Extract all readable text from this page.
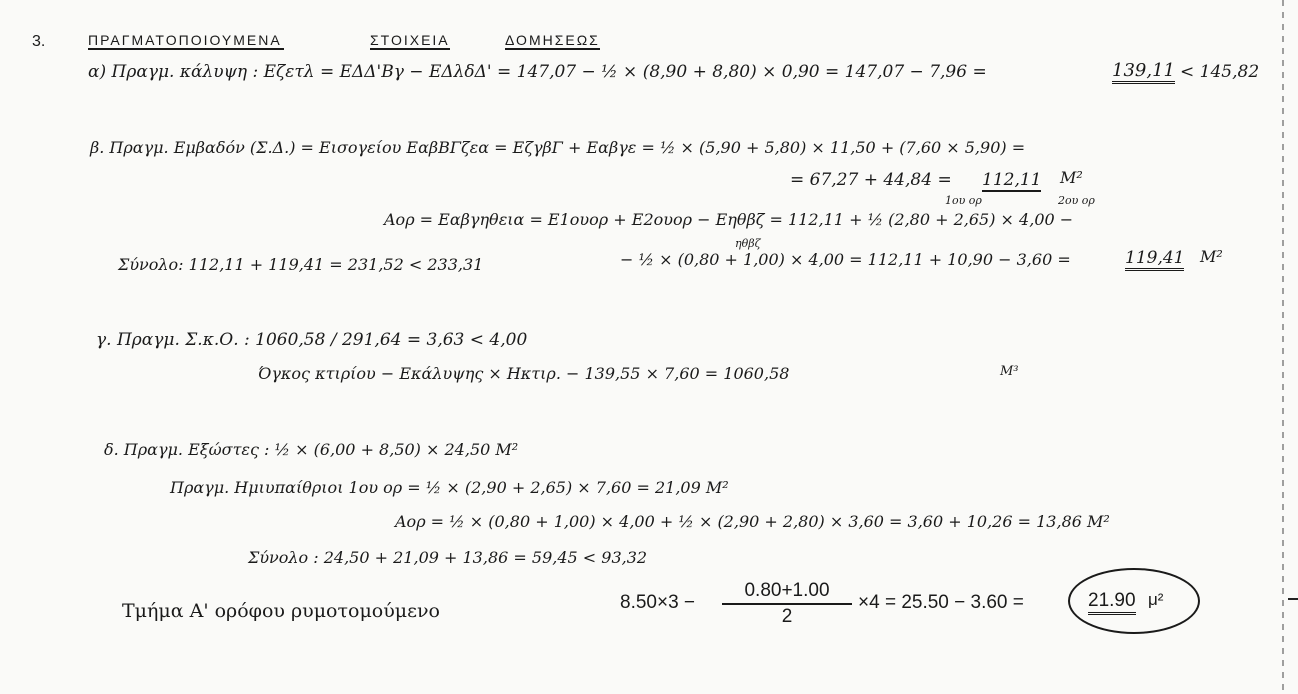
3.	ΠΡΑΓΜΑΤΟΠΟΙΟΥΜΕΝΑ	ΣΤΟΙΧΕΙΑ	ΔΟΜΗΣΕΩΣ
α) Πραγμ. κάλυψη : Εζετλ = ΕΔΔ'Βγ − ΕΔλδΔ' = 147,07 − ½ × (8,90 + 8,80) × 0,90 = 147,07 − 7,96 =	139,11 < 145,82
β. Πραγμ. Εμβαδόν (Σ.Δ.) = Εισογείου ΕαβΒΓζεα = ΕζγβΓ + Εαβγε = ½ × (5,90 + 5,80) × 11,50 + (7,60 × 5,90) =
= 67,27 + 44,84 = 112,11 Μ²
1ου ορ	2ου ορ
Αορ = Εαβγηθεια = Ε1ουορ + Ε2ουορ − Εηθβζ = 112,11 + ½ (2,80 + 2,65) × 4,00 −
ηθβζ
Σύνολο: 112,11 + 119,41 = 231,52 < 233,31	− ½ × (0,80 + 1,00) × 4,00 = 112,11 + 10,90 − 3,60 =	119,41 Μ²
γ. Πραγμ. Σ.κ.Ο. : 1060,58 / 291,64 = 3,63 < 4,00
Όγκος κτιρίου − Εκάλυψης × Ηκτιρ. − 139,55 × 7,60 = 1060,58	Μ³
δ. Πραγμ. Εξώστες : ½ × (6,00 + 8,50) × 24,50 Μ²
Πραγμ. Ημιυπαίθριοι 1ου ορ = ½ × (2,90 + 2,65) × 7,60 = 21,09 Μ²
Αορ = ½ × (0,80 + 1,00) × 4,00 + ½ × (2,90 + 2,80) × 3,60 = 3,60 + 10,26 = 13,86 Μ²
Σύνολο : 24,50 + 21,09 + 13,86 = 59,45 < 93,32
Τμήμα Α' ορόφου ρυμοτομούμενο	8.50×3 −
0.80+1.00
2
×4 = 25.50 − 3.60 =	21.90 μ²
